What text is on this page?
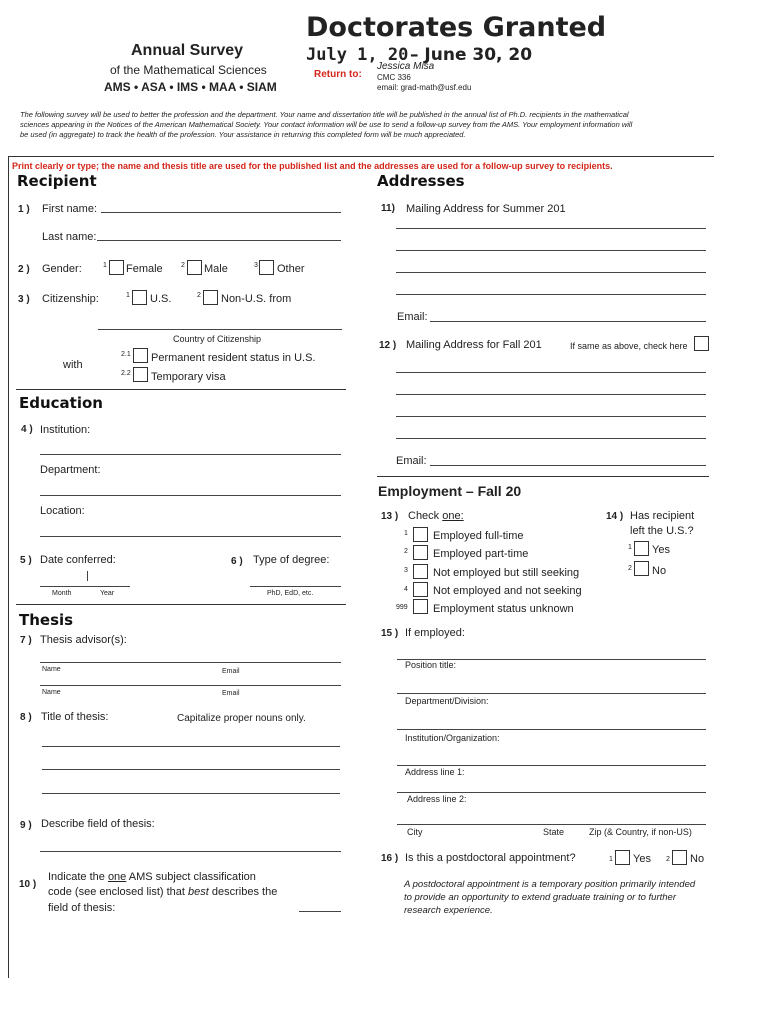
Doctorates Granted
July 1, 20 – June 30, 20
Annual Survey
of the Mathematical Sciences
AMS • ASA • IMS • MAA • SIAM
Return to:
Jessica Misa
CMC 336
email: grad-math@usf.edu
The following survey will be used to better the profession and the department. Your name and dissertation title will be published in the annual list of Ph.D. recipients in the mathematical
sciences appearing in the Notices of the American Mathematical Society. Your contact information will be use to send a follow-up survey from the AMS. Your employment information will
be used (in aggregate) to track the health of the profession. Your assistance in returning this completed form will be much appreciated.
Print clearly or type; the name and thesis title are used for the published list and the addresses are used for a follow-up survey to recipients.
Recipient
1 ) First name:
Last name:
2 ) Gender:	1 Female	2 Male	3 Other
3 ) Citizenship:	1 U.S.	2 Non-U.S. from
Country of Citizenship
with
2.1 Permanent resident status in U.S.
2.2 Temporary visa
Education
4 ) Institution:
Department:
Location:
5 ) Date conferred:
Month	Year
6 ) Type of degree:
PhD, EdD, etc.
Thesis
7 ) Thesis advisor(s):
Name	Email
Name	Email
8 ) Title of thesis:	Capitalize proper nouns only.
9 ) Describe field of thesis:
10 )
Indicate the one AMS subject classification
code (see enclosed list) that best describes the
field of thesis:
Addresses
11) Mailing Address for Summer 201
Email:
12 ) Mailing Address for Fall 201	If same as above, check here
Email:
Employment – Fall 20
13 ) Check one:
1 Employed full-time
2 Employed part-time
3 Not employed but still seeking
4 Not employed and not seeking
999 Employment status unknown
14 ) Has recipient
left the U.S.?
1 Yes
2 No
15 ) If employed:
Position title:
Department/Division:
Institution/Organization:
Address line 1:
Address line 2:
City	State	Zip (& Country, if non-US)
16 ) Is this a postdoctoral appointment?	1 Yes 2 No
A postdoctoral appointment is a temporary position primarily intended
to provide an opportunity to extend graduate training or to further
research experience.
